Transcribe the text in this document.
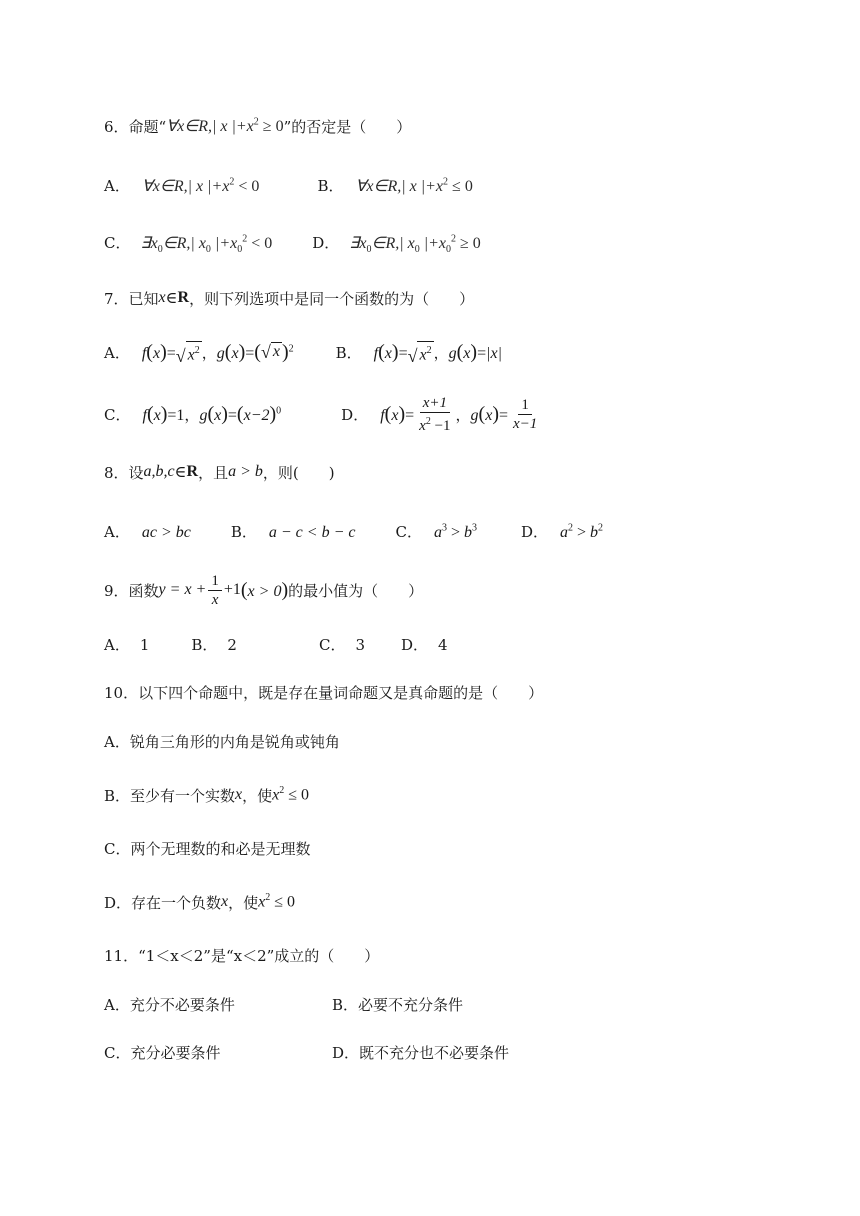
6．命题“ ∀x∈R,| x $|+x^2 \ge 0$ ”的否定是（　　）
A． ∀x∈R,| x $|+x^2 < 0$	B． ∀x∈R,| x $|+x^2 \le 0$
C． $\exists x_0\in R,|$ $x_0$ $|+x_0^2 < 0$	D． $\exists x_0\in R,|$ $x_0$ $|+x_0^2 \ge 0$
7．已知 x ∈ R ，则下列选项中是同一个函数的为（　　）
A． f(x)= √ $x^2$ ， g(x)= ( √ x )$^2$	B． f(x)= √ $x^2$ ， g(x)=|x|
C． f(x)=1 ， $g(x)=(x-2)^0$	D． $f(x)= \frac{x+1}{x^2 -1}$ ， $g(x)= \frac{1}{x-1}$
8．设 a,b,c ∈ R ，且 a > b ，则(　　)
A． ac > bc	B． a − c < b − c	C． $a^3 > b^3$	D． $a^2 > b^2$
9．函数 $y = x + \frac{1}{x} +1$ (x > 0) 的最小值为（　　）
A． 1	B． 2	C． 3 D． 4
10．以下四个命题中，既是存在量词命题又是真命题的是（　　）
A．锐角三角形的内角是锐角或钝角
B．至少有一个实数 x ，使 $x^2 \le 0$
C．两个无理数的和必是无理数
D．存在一个负数 x ，使 $x^2 \le 0$
11．“1＜x＜2”是“x＜2”成立的（　　）
A．充分不必要条件	B．必要不充分条件
C．充分必要条件	D．既不充分也不必要条件
